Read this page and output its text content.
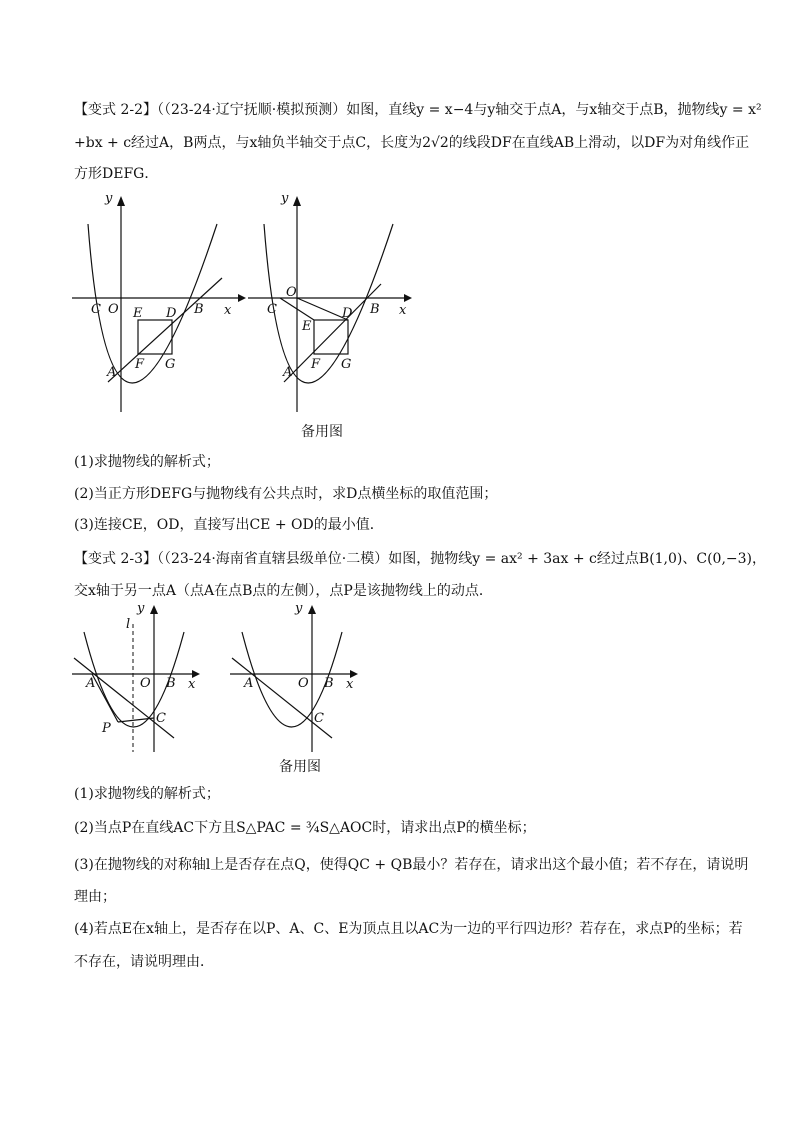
【变式 2-2】（（23-24·辽宁抚顺·模拟预测）如图，直线y = x−4与y轴交于点A，与x轴交于点B，抛物线y = x²
+bx + c经过A，B两点，与x轴负半轴交于点C，长度为2√2的线段DF在直线AB上滑动，以DF为对角线作正
方形DEFG．
y
x
C O	B
E D
F G
A
y
x
O
C	B
E
D
F G
A
备用图
(1)求抛物线的解析式；
(2)当正方形DEFG与抛物线有公共点时，求D点横坐标的取值范围；
(3)连接CE，OD，直接写出CE + OD的最小值．
【变式 2-3】（（23-24·海南省直辖县级单位·二模）如图，抛物线y = ax² + 3ax + c经过点B(1,0)、C(0,−3)，
交x轴于另一点A（点A在点B点的左侧），点P是该抛物线上的动点．
y
x
l
A	O B
C
P
y
x
A	O B
C
备用图
(1)求抛物线的解析式；
(2)当点P在直线AC下方且S△PAC = ¾S△AOC时，请求出点P的横坐标；
(3)在抛物线的对称轴l上是否存在点Q，使得QC + QB最小？若存在，请求出这个最小值；若不存在，请说明
理由；
(4)若点E在x轴上，是否存在以P、A、C、E为顶点且以AC为一边的平行四边形？若存在，求点P的坐标；若
不存在，请说明理由．
